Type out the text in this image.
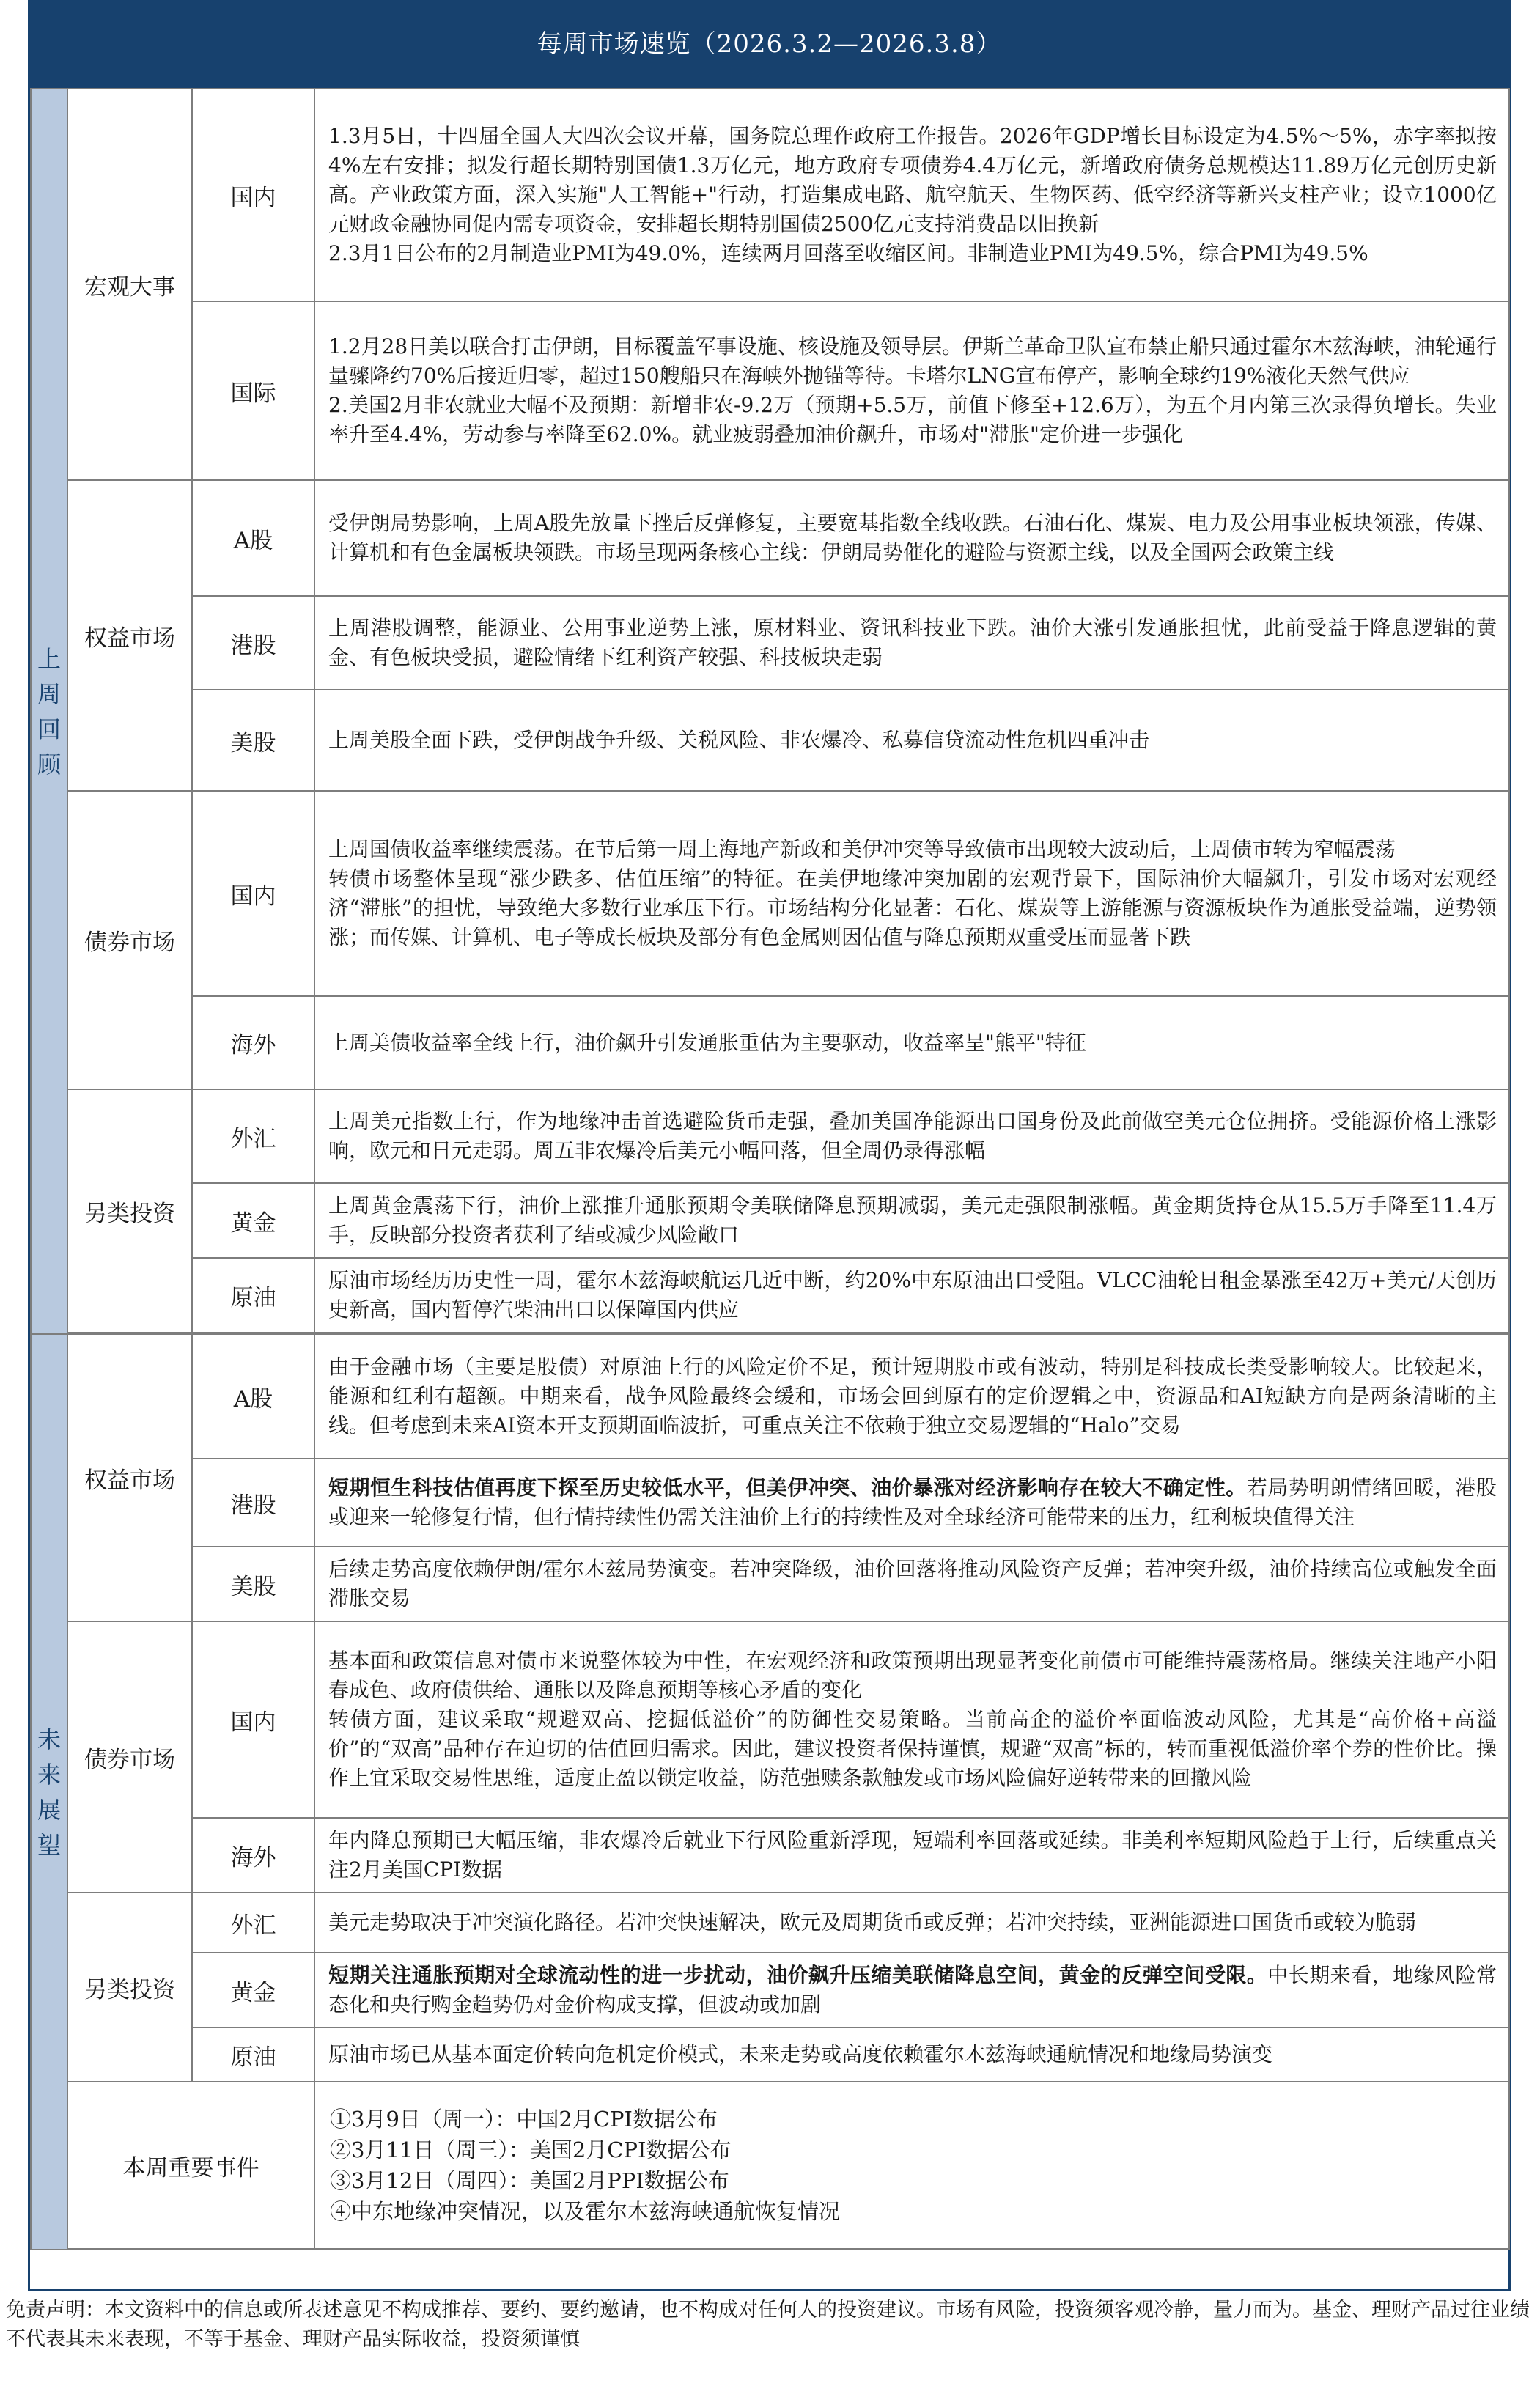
每周市场速览（2026.3.2—2026.3.8）
上周回顾	宏观大事	国内	1.3月5日，十四届全国人大四次会议开幕，国务院总理作政府工作报告。2026年GDP增长目标设定为4.5%～5%，赤字率拟按4%左右安排；拟发行超长期特别国债1.3万亿元，地方政府专项债券4.4万亿元，新增政府债务总规模达11.89万亿元创历史新高。产业政策方面，深入实施"人工智能+"行动，打造集成电路、航空航天、生物医药、低空经济等新兴支柱产业；设立1000亿元财政金融协同促内需专项资金，安排超长期特别国债2500亿元支持消费品以旧换新

2.3月1日公布的2月制造业PMI为49.0%，连续两月回落至收缩区间。非制造业PMI为49.5%，综合PMI为49.5%

		国际	1.2月28日美以联合打击伊朗，目标覆盖军事设施、核设施及领导层。伊斯兰革命卫队宣布禁止船只通过霍尔木兹海峡，油轮通行量骤降约70%后接近归零，超过150艘船只在海峡外抛锚等待。卡塔尔LNG宣布停产，影响全球约19%液化天然气供应

2.美国2月非农就业大幅不及预期：新增非农-9.2万（预期+5.5万，前值下修至+12.6万），为五个月内第三次录得负增长。失业率升至4.4%，劳动参与率降至62.0%。就业疲弱叠加油价飙升，市场对"滞胀"定价进一步强化

	权益市场	A股	受伊朗局势影响，上周A股先放量下挫后反弹修复，主要宽基指数全线收跌。石油石化、煤炭、电力及公用事业板块领涨，传媒、计算机和有色金属板块领跌。市场呈现两条核心主线：伊朗局势催化的避险与资源主线，以及全国两会政策主线
		港股	上周港股调整，能源业、公用事业逆势上涨，原材料业、资讯科技业下跌。油价大涨引发通胀担忧，此前受益于降息逻辑的黄金、有色板块受损，避险情绪下红利资产较强、科技板块走弱
		美股	上周美股全面下跌，受伊朗战争升级、关税风险、非农爆冷、私募信贷流动性危机四重冲击
	债券市场	国内	上周国债收益率继续震荡。在节后第一周上海地产新政和美伊冲突等导致债市出现较大波动后，上周债市转为窄幅震荡

转债市场整体呈现“涨少跌多、估值压缩”的特征。在美伊地缘冲突加剧的宏观背景下，国际油价大幅飙升，引发市场对宏观经济“滞胀”的担忧，导致绝大多数行业承压下行。市场结构分化显著：石化、煤炭等上游能源与资源板块作为通胀受益端，逆势领涨；而传媒、计算机、电子等成长板块及部分有色金属则因估值与降息预期双重受压而显著下跌

		海外	上周美债收益率全线上行，油价飙升引发通胀重估为主要驱动，收益率呈"熊平"特征
	另类投资	外汇	上周美元指数上行，作为地缘冲击首选避险货币走强，叠加美国净能源出口国身份及此前做空美元仓位拥挤。受能源价格上涨影响，欧元和日元走弱。周五非农爆冷后美元小幅回落，但全周仍录得涨幅
		黄金	上周黄金震荡下行，油价上涨推升通胀预期令美联储降息预期减弱，美元走强限制涨幅。黄金期货持仓从15.5万手降至11.4万手，反映部分投资者获利了结或减少风险敞口
		原油	原油市场经历历史性一周，霍尔木兹海峡航运几近中断，约20%中东原油出口受阻。VLCC油轮日租金暴涨至42万+美元/天创历史新高，国内暂停汽柴油出口以保障国内供应

未来展望	权益市场	A股	由于金融市场（主要是股债）对原油上行的风险定价不足，预计短期股市或有波动，特别是科技成长类受影响较大。比较起来，能源和红利有超额。中期来看，战争风险最终会缓和，市场会回到原有的定价逻辑之中，资源品和AI短缺方向是两条清晰的主线。但考虑到未来AI资本开支预期面临波折，可重点关注不依赖于独立交易逻辑的“Halo”交易
		港股	短期恒生科技估值再度下探至历史较低水平，但美伊冲突、油价暴涨对经济影响存在较大不确定性。若局势明朗情绪回暖，港股或迎来一轮修复行情，但行情持续性仍需关注油价上行的持续性及对全球经济可能带来的压力，红利板块值得关注
		美股	后续走势高度依赖伊朗/霍尔木兹局势演变。若冲突降级，油价回落将推动风险资产反弹；若冲突升级，油价持续高位或触发全面滞胀交易
	债券市场	国内	基本面和政策信息对债市来说整体较为中性，在宏观经济和政策预期出现显著变化前债市可能维持震荡格局。继续关注地产小阳春成色、政府债供给、通胀以及降息预期等核心矛盾的变化

转债方面，建议采取“规避双高、挖掘低溢价”的防御性交易策略。当前高企的溢价率面临波动风险，尤其是“高价格+高溢价”的“双高”品种存在迫切的估值回归需求。因此，建议投资者保持谨慎，规避“双高”标的，转而重视低溢价率个券的性价比。操作上宜采取交易性思维，适度止盈以锁定收益，防范强赎条款触发或市场风险偏好逆转带来的回撤风险

		海外	年内降息预期已大幅压缩，非农爆冷后就业下行风险重新浮现，短端利率回落或延续。非美利率短期风险趋于上行，后续重点关注2月美国CPI数据
	另类投资	外汇	美元走势取决于冲突演化路径。若冲突快速解决，欧元及周期货币或反弹；若冲突持续，亚洲能源进口国货币或较为脆弱
		黄金	短期关注通胀预期对全球流动性的进一步扰动，油价飙升压缩美联储降息空间，黄金的反弹空间受限。中长期来看，地缘风险常态化和央行购金趋势仍对金价构成支撑，但波动或加剧
		原油	原油市场已从基本面定价转向危机定价模式，未来走势或高度依赖霍尔木兹海峡通航情况和地缘局势演变
	本周重要事件		①3月9日（周一）：中国2月CPI数据公布
②3月11日（周三）：美国2月CPI数据公布
③3月12日（周四）：美国2月PPI数据公布
④中东地缘冲突情况，以及霍尔木兹海峡通航恢复情况

免责声明：本文资料中的信息或所表述意见不构成推荐、要约、要约邀请，也不构成对任何人的投资建议。市场有风险，投资须客观冷静，量力而为。基金、理财产品过往业绩不代表其未来表现，不等于基金、理财产品实际收益，投资须谨慎
